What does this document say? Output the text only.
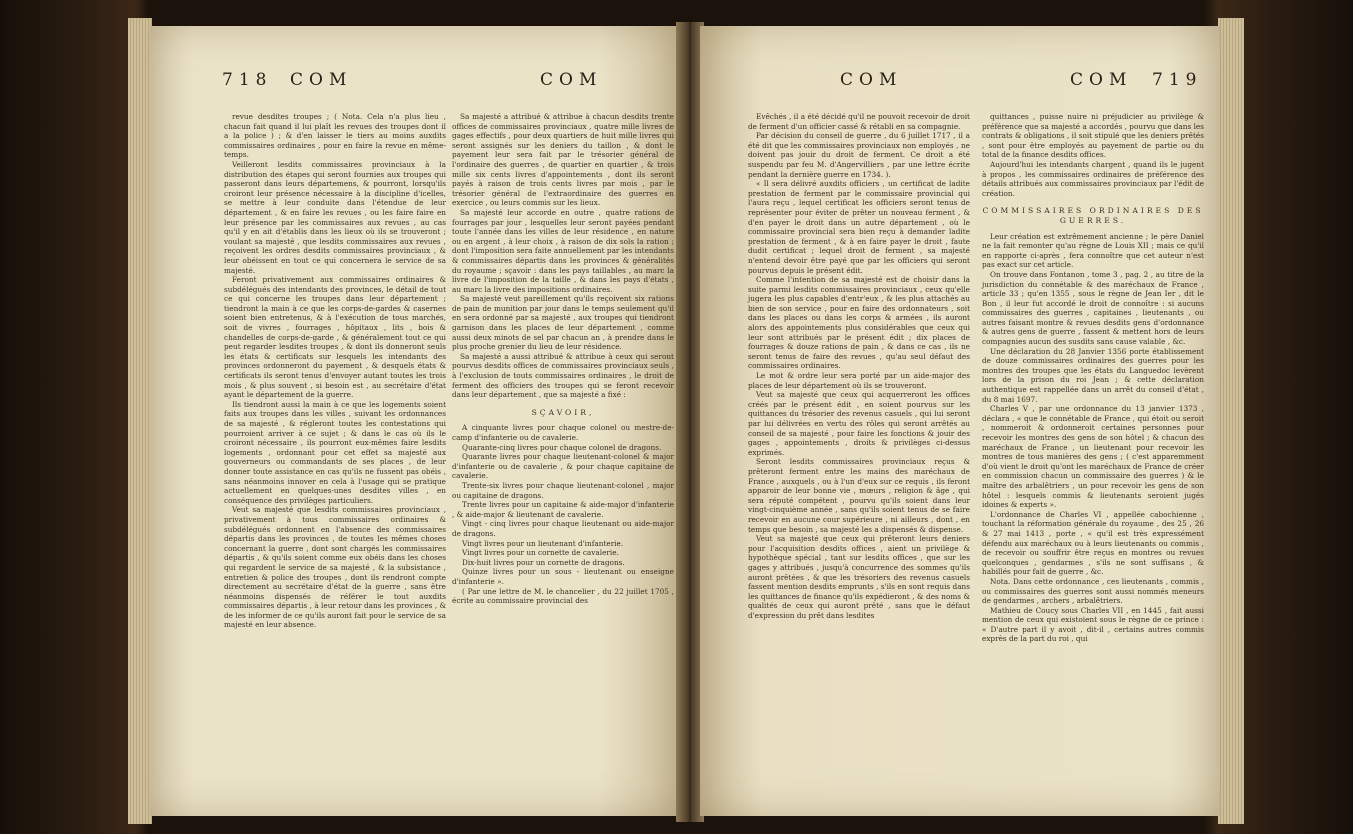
718 COM	COM

revue desdites troupes ; ( Nota. Cela n'a plus lieu , chacun fait quand il lui plaît les revues des troupes dont il a la police ) ; & d'en laisser le tiers au moins auxdits commissaires ordinaires , pour en faire la revue en même-temps.

Veilleront lesdits commissaires provinciaux à la distribution des étapes qui seront fournies aux troupes qui passeront dans leurs départemens, & pourront, lorsqu'ils croiront leur présence nécessaire à la discipline d'icelles, se mettre à leur conduite dans l'étendue de leur département , & en faire les revues , ou les faire faire en leur présence par les commissaires aux revues , au cas qu'il y en ait d'établis dans les lieux où ils se trouveront ; voulant sa majesté , que lesdits commissaires aux revues , reçoivent les ordres desdits commissaires provinciaux , & leur obéissent en tout ce qui concernera le service de sa majesté.

Feront privativement aux commissaires ordinaires & subdélégués des intendants des provinces, le détail de tout ce qui concerne les troupes dans leur département ; tiendront la main à ce que les corps-de-gardes & casernes soient bien entretenus, & à l'exécution de tous marchés, soit de vivres , fourrages , hôpitaux , lits , bois & chandelles de corps-de-garde , & généralement tout ce qui peut regarder lesdites troupes , & dont ils donneront seuls les états & certificats sur lesquels les intendants des provinces ordonneront du payement , & desquels états & certificats ils seront tenus d'envoyer autant toutes les trois mois , & plus souvent , si besoin est , au secrétaire d'état ayant le département de la guerre.

Ils tiendront aussi la main à ce que les logements soient faits aux troupes dans les villes , suivant les ordonnances de sa majesté , & régleront toutes les contestations qui pourroient arriver à ce sujet ; & dans le cas où ils le croiront nécessaire , ils pourront eux-mêmes faire lesdits logements , ordonnant pour cet effet sa majesté aux gouverneurs ou commandants de ses places , de leur donner toute assistance en cas qu'ils ne fussent pas obéis , sans néanmoins innover en cela à l'usage qui se pratique actuellement en quelques-unes desdites villes , en conséquence des privilèges particuliers.

Veut sa majesté que lesdits commissaires provinciaux , privativement à tous commissaires ordinaires & subdélégués ordonnent en l'absence des commissaires départis dans les provinces , de toutes les mêmes choses concernant la guerre , dont sont chargés les commissaires départis , & qu'ils soient comme eux obéis dans les choses qui regardent le service de sa majesté , & la subsistance , entretien & police des troupes , dont ils rendront compte directement au secrétaire d'état de la guerre , sans être néanmoins dispensés de référer le tout auxdits commissaires départis , à leur retour dans les provinces , & de les informer de ce qu'ils auront fait pour le service de sa majesté en leur absence.

Sa majesté a attribué & attribue à chacun desdits trente offices de commissaires provinciaux , quatre mille livres de gages effectifs , pour deux quartiers de huit mille livres qui seront assignés sur les deniers du taillon , & dont le payement leur sera fait par le trésorier général de l'ordinaire des guerres , de quartier en quartier , & trois mille six cents livres d'appointements , dont ils seront payés à raison de trois cents livres par mois , par le trésorier général de l'extraordinaire des guerres en exercice , ou leurs commis sur les lieux.

Sa majesté leur accorde en outre , quatre rations de fourrages par jour , lesquelles leur seront payées pendant toute l'année dans les villes de leur résidence , en nature ou en argent , à leur choix , à raison de dix sols la ration ; dont l'imposition sera faite annuellement par les intendants & commissaires départis dans les provinces & généralités du royaume ; sçavoir : dans les pays taillables , au marc la livre de l'imposition de la taille , & dans les pays d'états , au marc la livre des impositions ordinaires.

Sa majesté veut pareillement qu'ils reçoivent six rations de pain de munition par jour dans le temps seulement qu'il en sera ordonné par sa majesté , aux troupes qui tiendront garnison dans les places de leur département , comme aussi deux minots de sel par chacun an , à prendre dans le plus proche grenier du lieu de leur résidence.

Sa majesté a aussi attribué & attribue à ceux qui seront pourvus desdits offices de commissaires provinciaux seuls , à l'exclusion de touts commissaires ordinaires , le droit de ferment des officiers des troupes qui se feront recevoir dans leur département , que sa majesté a fixé :

SÇAVOIR,

A cinquante livres pour chaque colonel ou mestre-de-camp d'infanterie ou de cavalerie.

Quarante-cinq livres pour chaque colonel de dragons.

Quarante livres pour chaque lieutenant-colonel & major d'infanterie ou de cavalerie , & pour chaque capitaine de cavalerie.

Trente-six livres pour chaque lieutenant-colonel , major ou capitaine de dragons.

Trente livres pour un capitaine & aide-major d'infanterie , & aide-major & lieutenant de cavalerie.

Vingt - cinq livres pour chaque lieutenant ou aide-major de dragons.

Vingt livres pour un lieutenant d'infanterie.

Vingt livres pour un cornette de cavalerie.

Dix-huit livres pour un cornette de dragons.

Quinze livres pour un sous - lieutenant ou enseigne d'infanterie ».

( Par une lettre de M. le chancelier , du 22 juillet 1705 , écrite au commissaire provincial des

COM	COM 719

Evêchés , il a été décidé qu'il ne pouvoit recevoir de droit de ferment d'un officier cassé & rétabli en sa compagnie.

Par décision du conseil de guerre , du 6 juillet 1717 , il a été dit que les commissaires provinciaux non employés , ne doivent pas jouir du droit de ferment. Ce droit a été suspendu par feu M. d'Angervilliers , par une lettre écrite pendant la dernière guerre en 1734. ).

« Il sera délivré auxdits officiers , un certificat de ladite prestation de ferment par le commissaire provincial qui l'aura reçu , lequel certificat les officiers seront tenus de représenter pour éviter de prêter un nouveau ferment , & d'en payer le droit dans un autre département , où le commissaire provincial sera bien reçu à demander ladite prestation de ferment , & à en faire payer le droit , faute dudit certificat ; lequel droit de ferment , sa majesté n'entend devoir être payé que par les officiers qui seront pourvus depuis le présent édit.

Comme l'intention de sa majesté est de choisir dans la suite parmi lesdits commissaires provinciaux , ceux qu'elle jugera les plus capables d'entr'eux , & les plus attachés au bien de son service , pour en faire des ordonnateurs , soit dans les places ou dans les corps & armées , ils auront alors des appointements plus considérables que ceux qui leur sont attribués par le présent édit ; dix places de fourrages & douze rations de pain , & dans ce cas , ils ne seront tenus de faire des revues , qu'au seul défaut des commissaires ordinaires.

Le mot & ordre leur sera porté par un aide-major des places de leur département où ils se trouveront.

Veut sa majesté que ceux qui acquerreront les offices créés par le présent édit , en soient pourvus sur les quittances du trésorier des revenus casuels , qui lui seront par lui délivrées en vertu des rôles qui seront arrêtés au conseil de sa majesté , pour faire les fonctions & jouir des gages , appointements , droits & privilèges ci-dessus exprimés.

Seront lesdits commissaires provinciaux reçus & prêteront ferment entre les mains des maréchaux de France , auxquels , ou à l'un d'eux sur ce requis , ils feront apparoir de leur bonne vie , mœurs , religion & âge , qui sera réputé compétent , pourvu qu'ils soient dans leur vingt-cinquième année , sans qu'ils soient tenus de se faire recevoir en aucune cour supérieure , ni ailleurs , dont , en temps que besoin , sa majesté les a dispensés & dispense.

Veut sa majesté que ceux qui prêteront leurs deniers pour l'acquisition desdits offices , aient un privilège & hypothèque spécial , tant sur lesdits offices , que sur les gages y attribués , jusqu'à concurrence des sommes qu'ils auront prêtées , & que les trésoriers des revenus casuels fassent mention desdits emprunts , s'ils en sont requis dans les quittances de finance qu'ils expédieront , & des noms & qualités de ceux qui auront prêté , sans que le défaut d'expression du prêt dans lesdites

quittances , puisse nuire ni préjudicier au privilège & préférence que sa majesté a accordés , pourvu que dans les contrats & obligations , il soit stipulé que les deniers prêtés , sont pour être employés au payement de partie ou du total de la finance desdits offices.

Aujourd'hui les intendants chargent , quand ils le jugent à propos , les commissaires ordinaires de préférence des détails attribués aux commissaires provinciaux par l'édit de création.

COMMISSAIRES ORDINAIRES DES GUERRES.

Leur création est extrêmement ancienne ; le père Daniel ne la fait remonter qu'au règne de Louis XII ; mais ce qu'il en rapporte ci-après , fera connoître que cet auteur n'est pas exact sur cet article.

On trouve dans Fontanon , tome 3 , pag. 2 , au titre de la jurisdiction du connétable & des maréchaux de France , article 33 ; qu'en 1355 , sous le règne de Jean Ier , dit le Bon , il leur fut accordé le droit de connoître : si aucuns commissaires des guerres , capitaines , lieutenants , ou autres faisant montre & revues desdits gens d'ordonnance & autres gens de guerre , fassent & mettent hors de leurs compagnies aucun des susdits sans cause valable , &c.

Une déclaration du 28 Janvier 1356 porte établissement de douze commissaires ordinaires des guerres pour les montres des troupes que les états du Languedoc levèrent lors de la prison du roi Jean ; & cette déclaration authentique est rappellée dans un arrêt du conseil d'état , du 8 mai 1697.

Charles V , par une ordonnance du 13 janvier 1373 , déclara , « que le connétable de France , qui étoit ou seroit , nommeroit & ordonneroit certaines personnes pour recevoir les montres des gens de son hôtel ; & chacun des maréchaux de France , un lieutenant pour recevoir les montres de tous manières des gens ; ( c'est apparemment d'où vient le droit qu'ont les maréchaux de France de créer en commission chacun un commissaire des guerres ) & le maître des arbalêtriers , un pour recevoir les gens de son hôtel : lesquels commis & lieutenants seroient jugés idoines & experts ».

L'ordonnance de Charles VI , appellée cabochienne , touchant la réformation générale du royaume , des 25 , 26 & 27 mai 1413 , porte , « qu'il est très expressément défendu aux maréchaux ou à leurs lieutenants ou commis , de recevoir ou souffrir être reçus en montres ou revues quelconques , gendarmes , s'ils ne sont suffisans , & habillés pour fait de guerre , &c.

Nota. Dans cette ordonnance , ces lieutenants , commis , ou commissaires des guerres sont aussi nommés meneurs de gendarmes , archers , arbalêtriers.

Mathieu de Coucy sous Charles VII , en 1445 , fait aussi mention de ceux qui existoient sous le règne de ce prince : « D'autre part il y avoit , dit-il , certains autres commis exprès de la part du roi , qui
